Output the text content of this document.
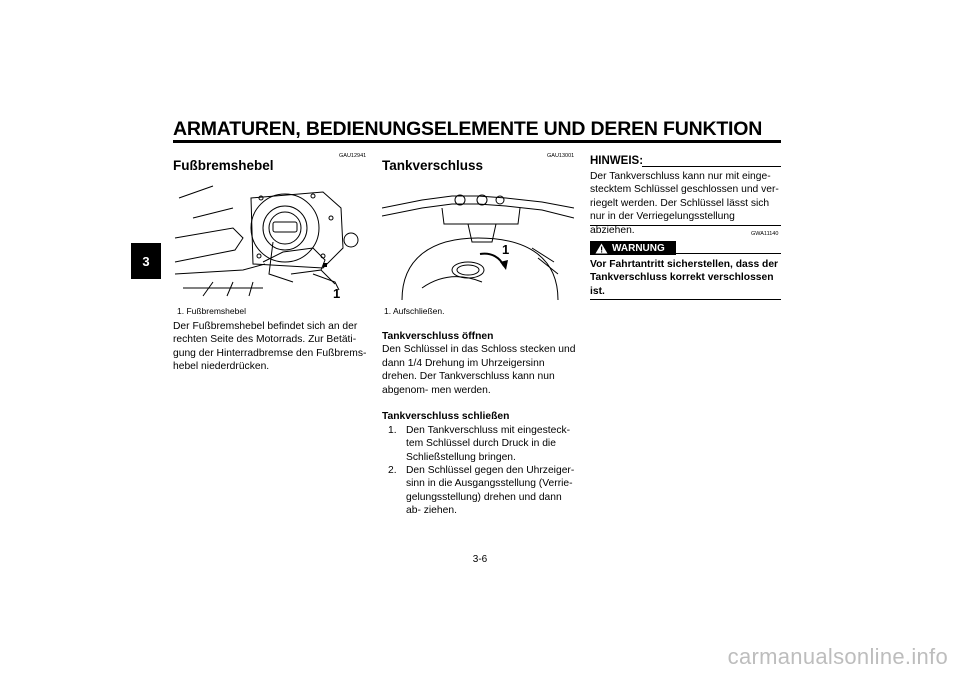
ARMATUREN, BEDIENUNGSELEMENTE UND DEREN FUNKTION
3
GAU12941
Fußbremshebel
1
1. Fußbremshebel
Der Fußbremshebel befindet sich an der rechten Seite des Motorrads. Zur Betäti- gung der Hinterradbremse den Fußbrems- hebel niederdrücken.
GAU13001
Tankverschluss
1
1. Aufschließen.

Tankverschluss öffnen

Den Schlüssel in das Schloss stecken und dann 1/4 Drehung im Uhrzeigersinn drehen. Der Tankverschluss kann nun abgenom- men werden.

Tankverschluss schließen

1. Den Tankverschluss mit eingesteck- tem Schlüssel durch Druck in die Schließstellung bringen.
2. Den Schlüssel gegen den Uhrzeiger- sinn in die Ausgangsstellung (Verrie- gelungsstellung) drehen und dann ab- ziehen.
HINWEIS:
Der Tankverschluss kann nur mit einge- stecktem Schlüssel geschlossen und ver- riegelt werden. Der Schlüssel lässt sich nur in der Verriegelungsstellung abziehen.	GWA11140
WARNUNG
Vor Fahrtantritt sicherstellen, dass der Tankverschluss korrekt verschlossen ist.
3-6
carmanualsonline.info
